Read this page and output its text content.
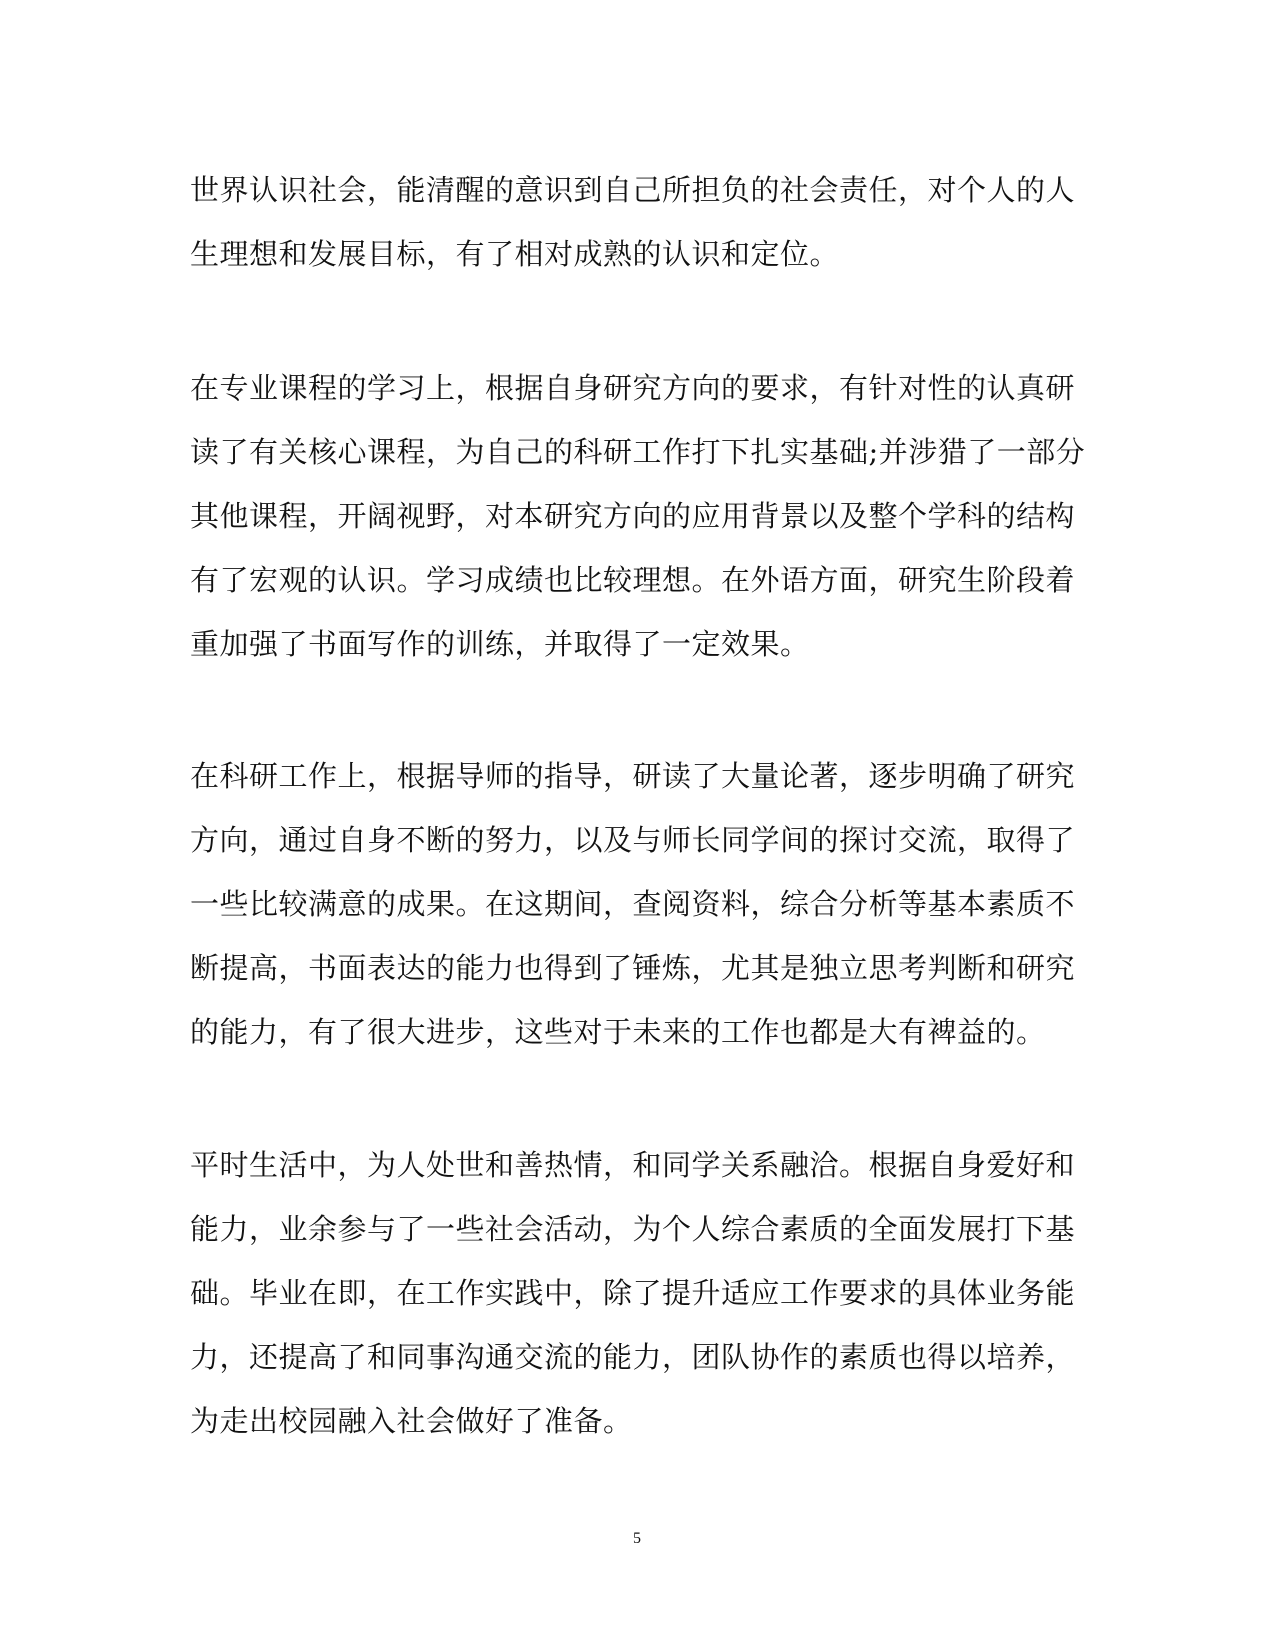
世界认识社会，能清醒的意识到自己所担负的社会责任，对个人的人
生理想和发展目标，有了相对成熟的认识和定位。
在专业课程的学习上，根据自身研究方向的要求，有针对性的认真研
读了有关核心课程，为自己的科研工作打下扎实基础;并涉猎了一部分
其他课程，开阔视野，对本研究方向的应用背景以及整个学科的结构
有了宏观的认识。学习成绩也比较理想。在外语方面，研究生阶段着
重加强了书面写作的训练，并取得了一定效果。
在科研工作上，根据导师的指导，研读了大量论著，逐步明确了研究
方向，通过自身不断的努力，以及与师长同学间的探讨交流，取得了
一些比较满意的成果。在这期间，查阅资料，综合分析等基本素质不
断提高，书面表达的能力也得到了锤炼，尤其是独立思考判断和研究
的能力，有了很大进步，这些对于未来的工作也都是大有裨益的。
平时生活中，为人处世和善热情，和同学关系融洽。根据自身爱好和
能力，业余参与了一些社会活动，为个人综合素质的全面发展打下基
础。毕业在即，在工作实践中，除了提升适应工作要求的具体业务能
力，还提高了和同事沟通交流的能力，团队协作的素质也得以培养，
为走出校园融入社会做好了准备。
5
